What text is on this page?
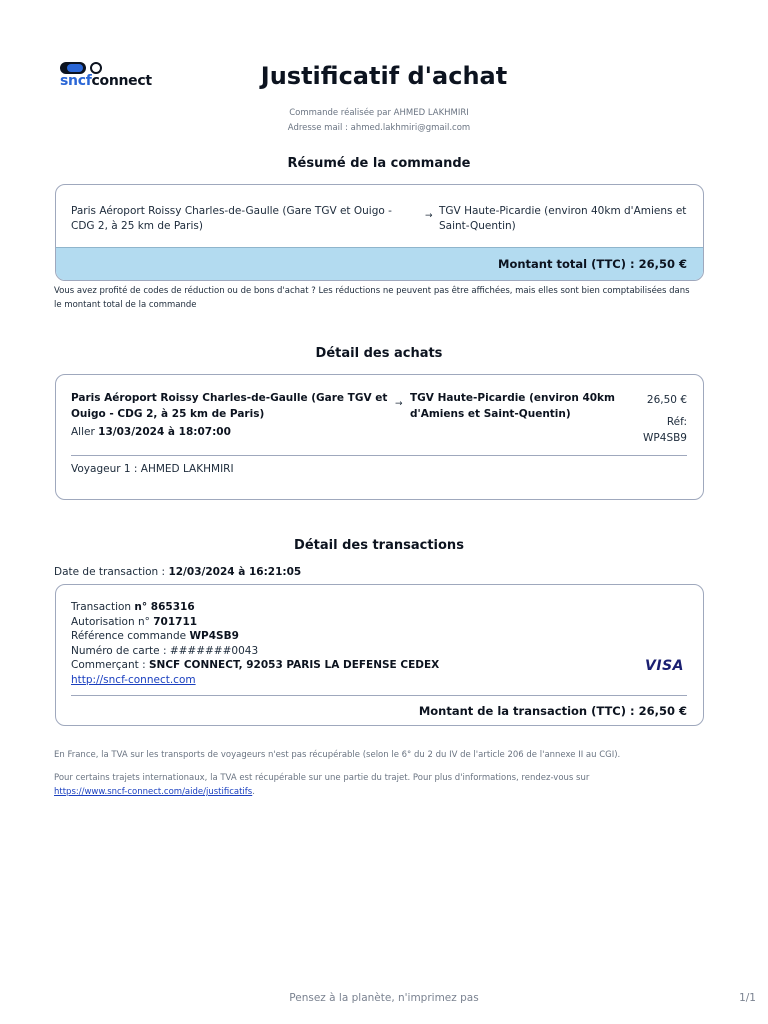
sncfconnect	Justificatif d'achat
Commande réalisée par AHMED LAKHMIRI
Adresse mail : ahmed.lakhmiri@gmail.com
Résumé de la commande
Paris Aéroport Roissy Charles-de-Gaulle (Gare TGV et Ouigo - CDG 2, à 25 km de Paris)
→ TGV Haute-Picardie (environ 40km d'Amiens et Saint-Quentin)
Montant total (TTC) : 26,50 €
Vous avez profité de codes de réduction ou de bons d'achat ? Les réductions ne peuvent pas être affichées, mais elles sont bien comptabilisées dans le montant total de la commande
Détail des achats
Paris Aéroport Roissy Charles-de-Gaulle (Gare TGV et Ouigo - CDG 2, à 25 km de Paris)
→ TGV Haute-Picardie (environ 40km d'Amiens et Saint-Quentin)
26,50 €
Réf:
WP4SB9
Aller 13/03/2024 à 18:07:00
Voyageur 1 : AHMED LAKHMIRI
Détail des transactions
Date de transaction : 12/03/2024 à 16:21:05
Transaction n° 865316
Autorisation n° 701711
Référence commande WP4SB9
Numéro de carte : #######0043
Commerçant : SNCF CONNECT, 92053 PARIS LA DEFENSE CEDEX
http://sncf-connect.com
VISA
Montant de la transaction (TTC) : 26,50 €
En France, la TVA sur les transports de voyageurs n'est pas récupérable (selon le 6° du 2 du IV de l'article 206 de l'annexe II au CGI).
Pour certains trajets internationaux, la TVA est récupérable sur une partie du trajet. Pour plus d'informations, rendez-vous sur
https://www.sncf-connect.com/aide/justificatifs.
Pensez à la planète, n'imprimez pas	1/1
